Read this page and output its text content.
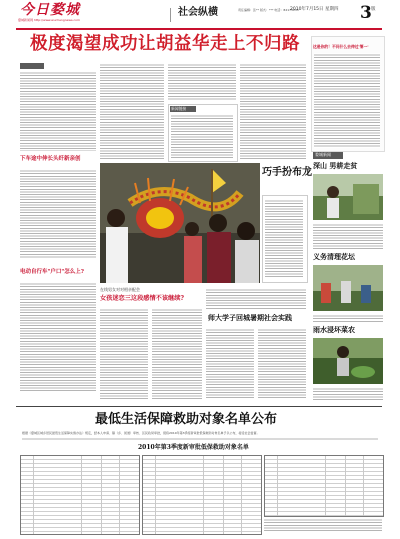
今日婺城
婺城新闻网 http://www.wuchengnews.com
社会纵横	责任编辑：张** 版式：*** 电话：82173233
2010年7月15日 星期四 3 版
极度渴望成功让胡益华走上不归路	这是你的！不问什么去伸过'第一'
下车途中伸长头纤新亲创
电动自行车"户口"怎么上?
新闻链接
巧手扮布龙
在线男女对对相亲配会
女孩迷恋三这段感情不该继续?
师大学子回城暑期社会实践
婺城新闻
深山 男耕走贫
义务清理花坛
雨水浸坏菜农
最低生活保障救助对象名单公布
根据《婺城区城乡居民最低生活保障实施办法》规定，经本人申请、镇（乡、街道）审核、区民政局审批，现将2010年第3季度新审批低保救助对象名单予以公布，接受社会监督。
2010年第3季度新审批低保救助对象名单
